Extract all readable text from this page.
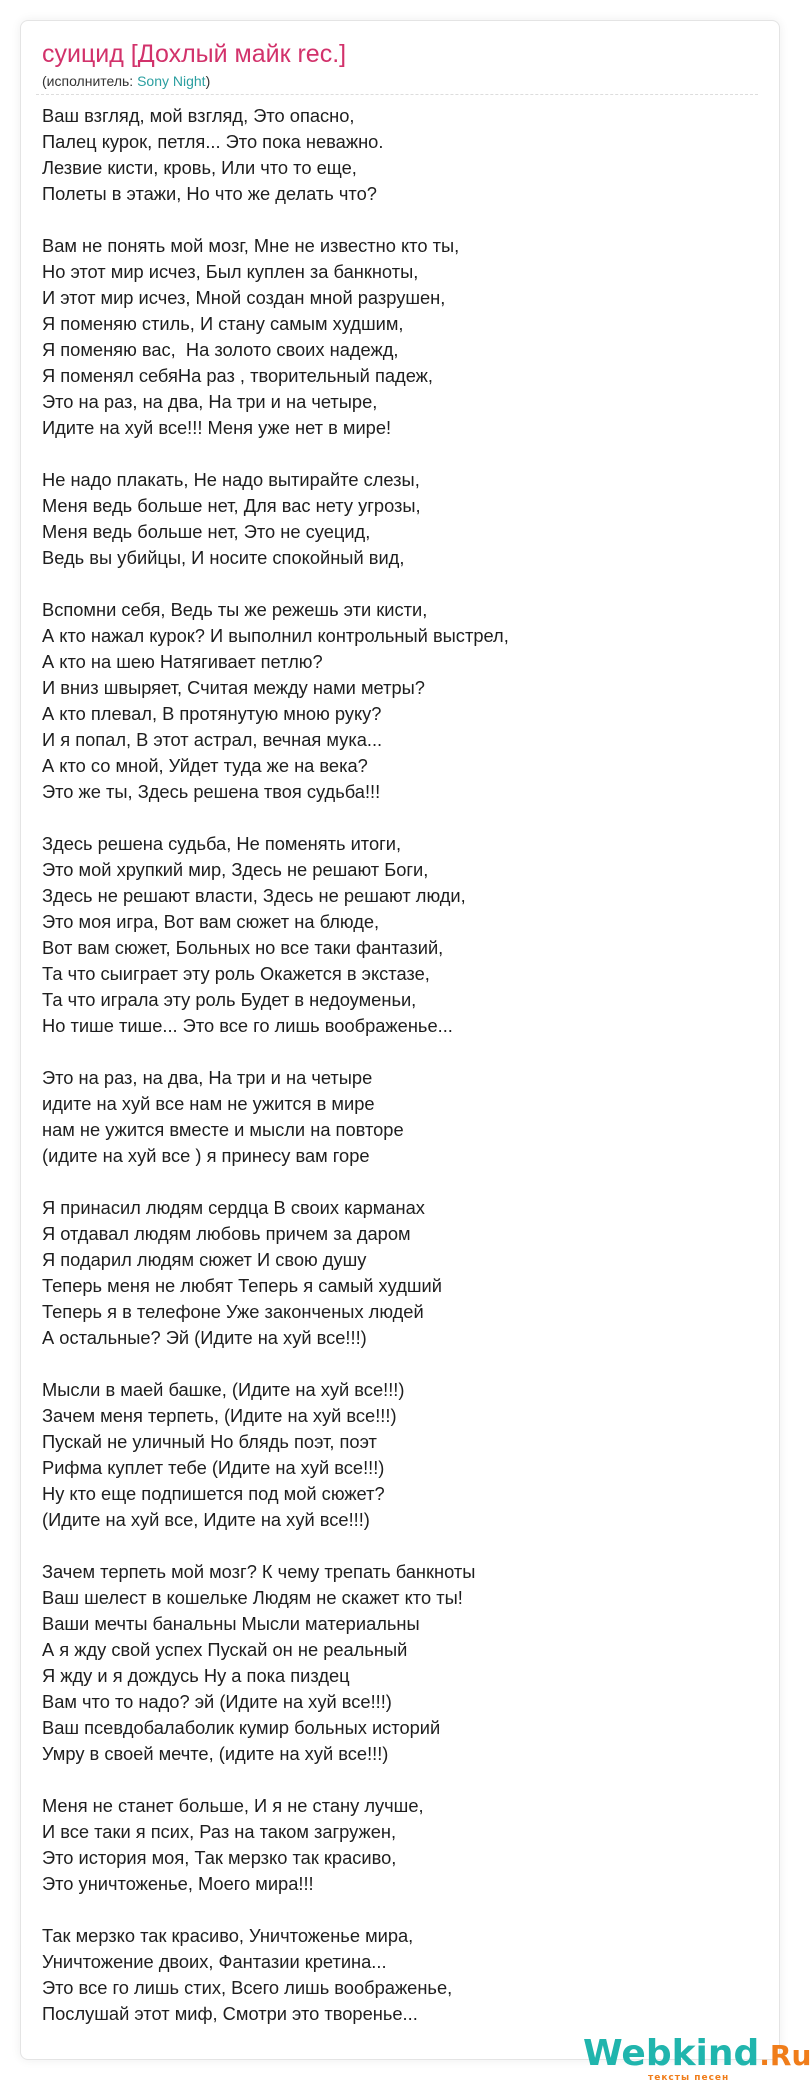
суицид [Дохлый майк rec.]
(исполнитель: Sony Night)
Ваш взгляд, мой взгляд, Это опасно,
Палец курок, петля... Это пока неважно.
Лезвие кисти, кровь, Или что то еще,
Полеты в этажи, Но что же делать что?
Вам не понять мой мозг, Мне не известно кто ты,
Но этот мир исчез, Был куплен за банкноты,
И этот мир исчез, Мной создан мной разрушен,
Я поменяю стиль, И стану самым худшим,
Я поменяю вас,  На золото своих надежд,
Я поменял себяНа раз , творительный падеж,
Это на раз, на два, На три и на четыре,
Идите на хуй все!!! Меня уже нет в мире!
Не надо плакать, Не надо вытирайте слезы,
Меня ведь больше нет, Для вас нету угрозы,
Меня ведь больше нет, Это не суецид,
Ведь вы убийцы, И носите спокойный вид,
Вспомни себя, Ведь ты же режешь эти кисти,
А кто нажал курок? И выполнил контрольный выстрел,
А кто на шею Натягивает петлю?
И вниз швыряет, Считая между нами метры?
А кто плевал, В протянутую мною руку?
И я попал, В этот астрал, вечная мука...
А кто со мной, Уйдет туда же на века?
Это же ты, Здесь решена твоя судьба!!!
Здесь решена судьба, Не поменять итоги,
Это мой хрупкий мир, Здесь не решают Боги,
Здесь не решают власти, Здесь не решают люди,
Это моя игра, Вот вам сюжет на блюде,
Вот вам сюжет, Больных но все таки фантазий,
Та что сыиграет эту роль Окажется в экстазе,
Та что играла эту роль Будет в недоуменьи,
Но тише тише... Это все го лишь воображенье...
Это на раз, на два, На три и на четыре
идите на хуй все нам не ужится в мире
нам не ужится вместе и мысли на повторе
(идите на хуй все ) я принесу вам горе
Я принасил людям сердца В своих карманах
Я отдавал людям любовь причем за даром
Я подарил людям сюжет И свою душу
Теперь меня не любят Теперь я самый худший
Теперь я в телефоне Уже законченых людей
А остальные? Эй (Идите на хуй все!!!)
Мысли в маей башке, (Идите на хуй все!!!)
Зачем меня терпеть, (Идите на хуй все!!!)
Пускай не уличный Но блядь поэт, поэт
Рифма куплет тебе (Идите на хуй все!!!)
Ну кто еще подпишется под мой сюжет?
(Идите на хуй все, Идите на хуй все!!!)
Зачем терпеть мой мозг? К чему трепать банкноты
Ваш шелест в кошельке Людям не скажет кто ты!
Ваши мечты банальны Мысли материальны
А я жду свой успех Пускай он не реальный
Я жду и я дождусь Ну а пока пиздец
Вам что то надо? эй (Идите на хуй все!!!)
Ваш псевдобалаболик кумир больных историй
Умру в своей мечте, (идите на хуй все!!!)
Меня не станет больше, И я не стану лучше,
И все таки я псих, Раз на таком загружен,
Это история моя, Так мерзко так красиво,
Это уничтоженье, Моего мира!!!
Так мерзко так красиво, Уничтоженье мира,
Уничтожение двоих, Фантазии кретина...
Это все го лишь стих, Всего лишь воображенье,
Послушай этот миф, Смотри это творенье...
Webkind.Ru
тексты песен
